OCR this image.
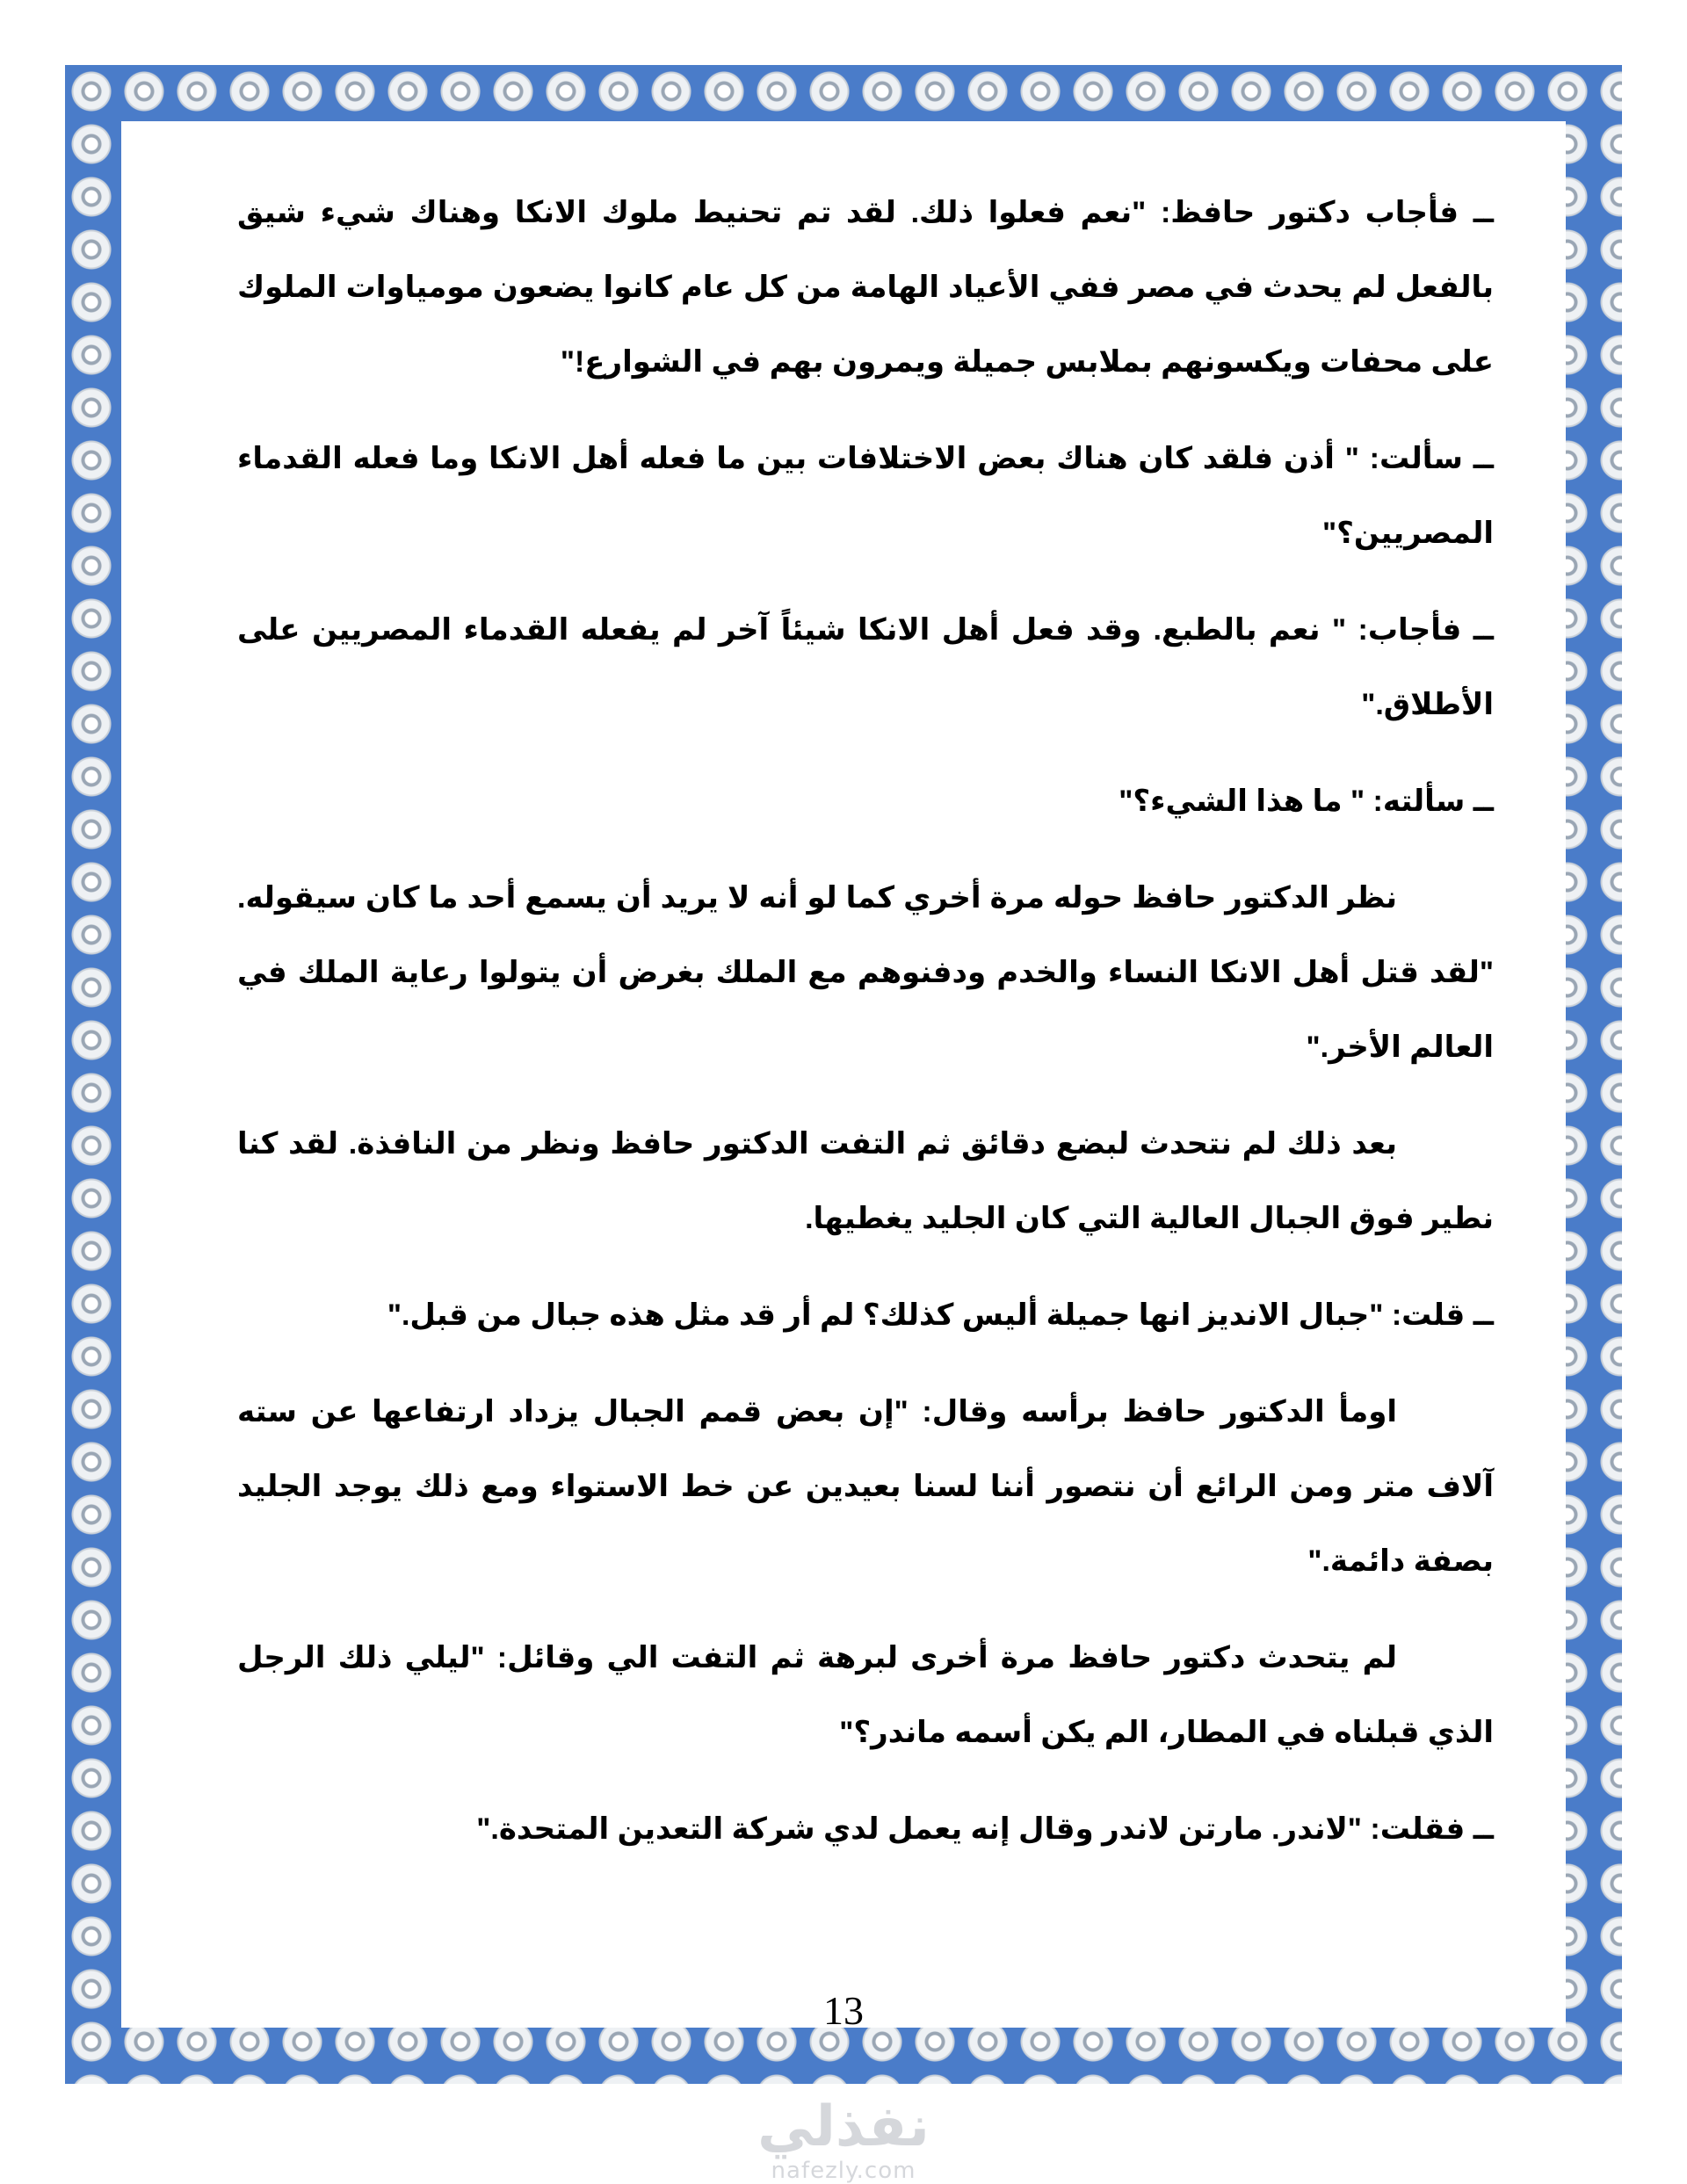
ــ فأجاب دكتور حافظ: "نعم فعلوا ذلك. لقد تم تحنيط ملوك الانكا وهناك شيء شيق بالفعل لم يحدث في مصر ففي الأعياد الهامة من كل عام كانوا يضعون مومياوات الملوك على محفات ويكسونهم بملابس جميلة ويمرون بهم في الشوارع!"

ــ سألت: " أذن فلقد كان هناك بعض الاختلافات بين ما فعله أهل الانكا وما فعله القدماء المصريين؟"

ــ فأجاب: " نعم بالطبع. وقد فعل أهل الانكا شيئاً آخر لم يفعله القدماء المصريين على الأطلاق."

ــ سألته: " ما هذا الشيء؟"

نظر الدكتور حافظ حوله مرة أخري كما لو أنه لا يريد أن يسمع أحد ما كان سيقوله. "لقد قتل أهل الانكا النساء والخدم ودفنوهم مع الملك بغرض أن يتولوا رعاية الملك في العالم الأخر."

بعد ذلك لم نتحدث لبضع دقائق ثم التفت الدكتور حافظ ونظر من النافذة. لقد كنا نطير فوق الجبال العالية التي كان الجليد يغطيها.

ــ قلت: "جبال الانديز انها جميلة أليس كذلك؟ لم أر قد مثل هذه جبال من قبل."

اومأ الدكتور حافظ برأسه وقال: "إن بعض قمم الجبال يزداد ارتفاعها عن سته آلاف متر ومن الرائع أن نتصور أننا لسنا بعيدين عن خط الاستواء ومع ذلك يوجد الجليد بصفة دائمة."

لم يتحدث دكتور حافظ مرة أخرى لبرهة ثم التفت الي وقائل: "ليلي ذلك الرجل الذي قبلناه في المطار، الم يكن أسمه ماندر؟"

ــ فقلت: "لاندر. مارتن لاندر وقال إنه يعمل لدي شركة التعدين المتحدة."

13
نفذلي
nafezly.com
